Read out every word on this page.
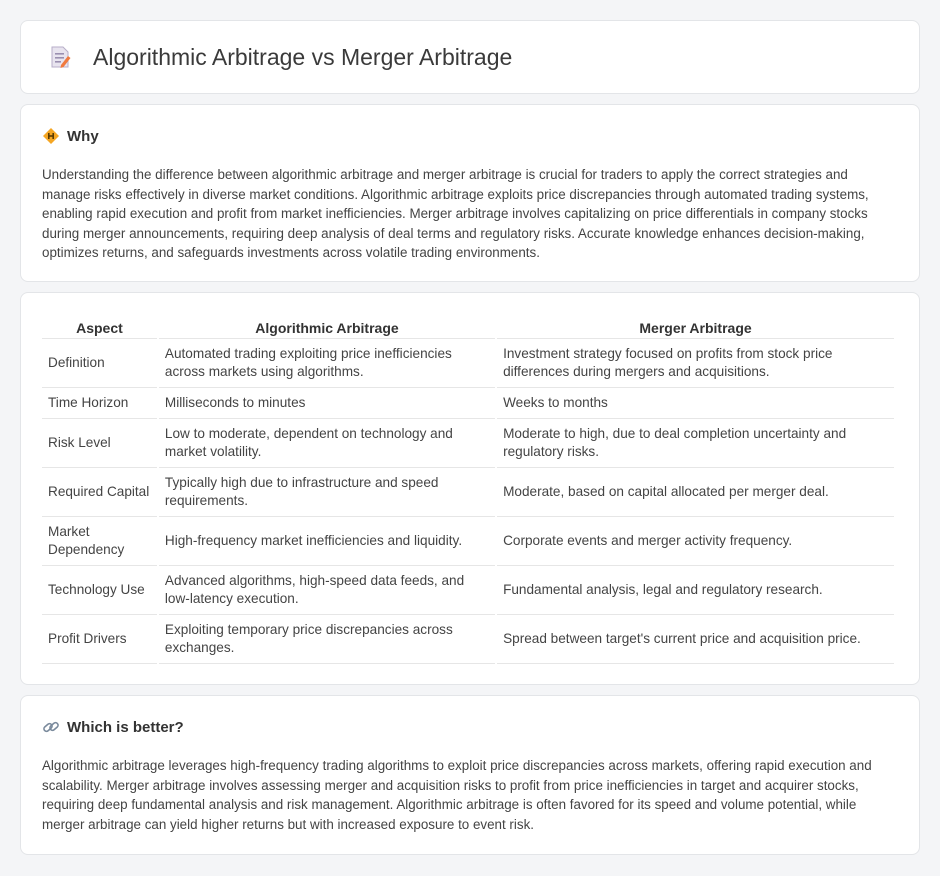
Algorithmic Arbitrage vs Merger Arbitrage
Why

Understanding the difference between algorithmic arbitrage and merger arbitrage is crucial for traders to apply the correct strategies and manage risks effectively in diverse market conditions. Algorithmic arbitrage exploits price discrepancies through automated trading systems, enabling rapid execution and profit from market inefficiencies. Merger arbitrage involves capitalizing on price differentials in company stocks during merger announcements, requiring deep analysis of deal terms and regulatory risks. Accurate knowledge enhances decision-making, optimizes returns, and safeguards investments across volatile trading environments.

Aspect	Algorithmic Arbitrage	Merger Arbitrage
Definition	Automated trading exploiting price inefficiencies across markets using algorithms.	Investment strategy focused on profits from stock price differences during mergers and acquisitions.
Time Horizon	Milliseconds to minutes	Weeks to months
Risk Level	Low to moderate, dependent on technology and market volatility.	Moderate to high, due to deal completion uncertainty and regulatory risks.
Required Capital	Typically high due to infrastructure and speed requirements.	Moderate, based on capital allocated per merger deal.
Market Dependency	High-frequency market inefficiencies and liquidity.	Corporate events and merger activity frequency.
Technology Use	Advanced algorithms, high-speed data feeds, and low-latency execution.	Fundamental analysis, legal and regulatory research.
Profit Drivers	Exploiting temporary price discrepancies across exchanges.	Spread between target's current price and acquisition price.
Which is better?

Algorithmic arbitrage leverages high-frequency trading algorithms to exploit price discrepancies across markets, offering rapid execution and scalability. Merger arbitrage involves assessing merger and acquisition risks to profit from price inefficiencies in target and acquirer stocks, requiring deep fundamental analysis and risk management. Algorithmic arbitrage is often favored for its speed and volume potential, while merger arbitrage can yield higher returns but with increased exposure to event risk.
